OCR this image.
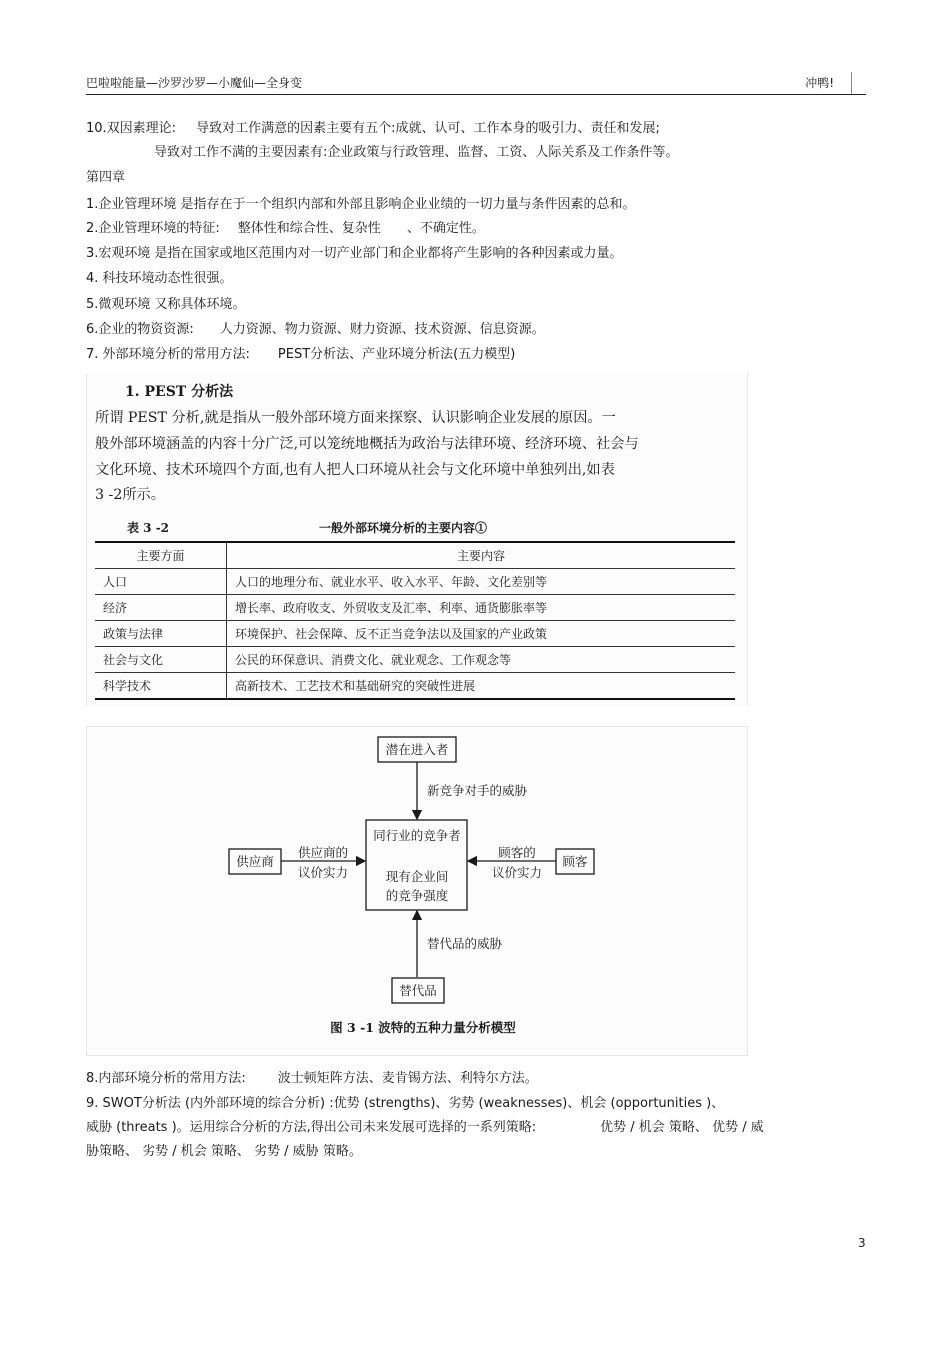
巴啦啦能量—沙罗沙罗—小魔仙—全身变	冲鸭!
10.双因素理论: 导致对工作满意的因素主要有五个:成就、认可、工作本身的吸引力、责任和发展;
导致对工作不满的主要因素有:企业政策与行政管理、监督、工资、人际关系及工作条件等。
第四章
1.企业管理环境 是指存在于一个组织内部和外部且影响企业业绩的一切力量与条件因素的总和。
2.企业管理环境的特征: 整体性和综合性、复杂性 、不确定性。
3.宏观环境 是指在国家或地区范围内对一切产业部门和企业都将产生影响的各种因素或力量。
4. 科技环境动态性很强。
5.微观环境 又称具体环境。
6.企业的物资资源: 人力资源、物力资源、财力资源、技术资源、信息资源。
7. 外部环境分析的常用方法: PEST分析法、产业环境分析法(五力模型)
1. PEST 分析法
所谓 PEST 分析,就是指从一般外部环境方面来探察、认识影响企业发展的原因。一
般外部环境涵盖的内容十分广泛,可以笼统地概括为政治与法律环境、经济环境、社会与
文化环境、技术环境四个方面,也有人把人口环境从社会与文化环境中单独列出,如表
3 -2所示。
表 3 -2	一般外部环境分析的主要内容①
主要方面	主要内容
人口	人口的地理分布、就业水平、收入水平、年龄、文化差别等
经济	增长率、政府收支、外贸收支及汇率、利率、通货膨胀率等
政策与法律	环境保护、社会保障、反不正当竞争法以及国家的产业政策
社会与文化	公民的环保意识、消费文化、就业观念、工作观念等
科学技术	高新技术、工艺技术和基础研究的突破性进展
潜在进入者
新竞争对手的威胁
同行业的竞争者
现有企业间
的竞争强度
供应商
供应商的
议价实力
顾客
顾客的
议价实力
替代品的威胁
替代品
图 3 -1 波特的五种力量分析模型
8.内部环境分析的常用方法: 波士顿矩阵方法、麦肯锡方法、利特尔方法。
9. SWOT分析法 (内外部环境的综合分析) :优势 (strengths)、劣势 (weaknesses)、机会 (opportunities )、
威胁 (threats )。运用综合分析的方法,得出公司未来发展可选择的一系列策略:	优势 / 机会 策略、 优势 / 威
胁策略、 劣势 / 机会 策略、 劣势 / 威胁 策略。
3
